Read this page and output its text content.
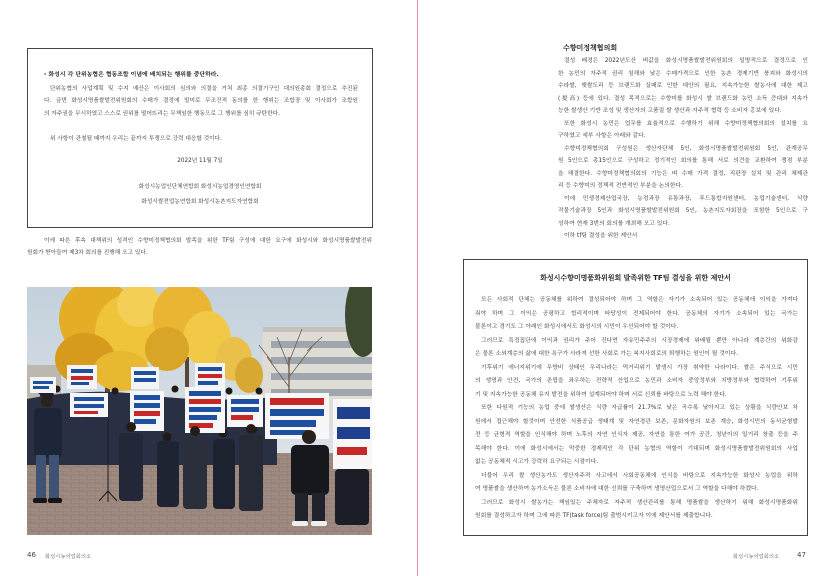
- 화성시 각 단위농협은 협동조합 이념에 배치되는 행위를 중단하라.
단위농협의 사업계획 및 수지 예산은 이사회의 심의와 의결을 거쳐 최종 의결기구인 대의원총회 결정으로 추진된
다. 금번 화성시명품쌀발전위원회의 수매가 결정에 빌미로 무조건적 동의를 한 행위는 조합장 및 이사회가 조합원
의 자주권을 무시하였고 스스로 권위를 떨어뜨리는 무책임한 행동으로 그 행위를 심히 규탄한다.
위 사항이 관철될 때까지 우리는 끝까지 투쟁으로 강력 대응할 것이다.
2022년 11월 7일
화성시농업인단체연합회 화성시농업경영인연합회
화성시쌀전업농연합회 화성시농촌지도자연합회
이에 따른 후속 대책위의 성격인 수향미정책협의회 발족을 위한 TF팀 구성에 대한 요구에 화성시와 화성시명품쌀발전위
원회가 받아들여 제3차 회의를 진행해 오고 있다.
46 화성시농어업회의소
수향미정책협의회
결성 배경은 2022년도산 벼값을 화성시명품쌀발전위원회의 일방적으로 결정으로 인
한 농민의 자주적 권리 침해와 낮은 수매가격으로 인한 농촌 경제기반 붕괴와 화성시의
수라쌀, 햇쌀도리 등 브랜드화 실패로 인한 대안의 필요, 지속가능한 쌀농사에 대한 제고
(提高) 등에 있다. 결성 목적으로는 수향미를 화성시 쌀 브랜드화 농민 소득 증대와 지속가
능한 쌀생산 기반 조성 및 생산자의 고품질 쌀 생산과 자주적 협력 등 소비자 홍보에 있다.
또한 화성시 농민은 업무를 효율적으로 수행하기 위해 수향미정책협의회의 설치를 요
구하였고 세부 사항은 아래와 같다.
수향미정책협의회 구성원은 생산자단체 5인, 화성시명품쌀발전위원회 5인, 관계공무
원 5인으로 총15인으로 구성하고 정기적인 회의를 통해 서로 의견을 교환하여 쟁점 부분
을 해결한다. 수향미정책협의회의 기능은 벼 수매 가격 결정, 직판장 설치 및 관리 체제관
리 등 수향미의 정책적 전반적인 부분을 논의한다.
이에 민생경제산업국장, 농정과장 유통과장, 푸드통합지원센터, 농업기술센터, 식량
작물기술과장 5인과 화성시명품쌀발전위원회 5인, 농촌지도자회장을 포함한 5인으로 구
성하여 현재 3번의 회의를 개최해 오고 있다.
이하 tf팀 결성을 위한 제안서
화성시수향미명품화위원회 발족위한 TF팀 결성을 위한 제안서
모든 사회적 단체는 공동체를 위하여 결성되어야 하며 그 역할은 자기가 소속되어 있는 공동체에 이익을 가져다
줘야 하며 그 이익은 공평하고 합리적이며 타당성이 전제되어야 한다. 공동체의 자기가 소속되어 있는 국가는
물론이고 경기도 그 아래인 화성시에서도 화성시의 시민이 우선되어야 할 것이다.
그러므로 특정집단에 이익과 권리가 주어 진다면 자유민주주의 시장경제에 위배될 뿐만 아니라 계층간의 위화감
은 물론 소외계층의 삶에 대한 욕구가 사라져 선한 사회로 가는 복지사회로의 퇴행하는 원인이 될 것이다.
기후위기 에너지위기에 무방비 상태인 우리나라는 먹거리위기 발생시 가장 취약한 나라이다. 쌀은 주식으로 시민
의 생명과 안전, 국가의 존립을 좌우하는 전략적 산업으로 농민과 소비자 중앙정부와 지방정부와 협력하여 기후위
기 및 지속가능한 공동체 유지 발전을 위하여 설계되어야 하며 서로 신뢰를 바탕으로 노력 해야 한다.
또한 다원적 기능의 농업 중에 쌀생산은 식량 자급률이 21.7%로 낮은 곡수록 낮아지고 있는 상황을 식량안보 차
원에서 접근해야 할것이며 안전한 식품공급 생태계 및 자연경관 보존, 문화자원의 보존 계승, 화성시민의 동서균형발
전 등 균형적 역할을 인식해야 하며 노후의 자연 인식자 제공, 자연을 통한 여가 공간, 청년이의 일거리 창출 등을 주
목해야 한다. 이에 화성시에서는 막중한 경제적인 각 단위 농협의 역할이 기대되며 화성시명품쌀발전위원회의 사업
없는 공동체적 시고가 강력히 요구되는 시점이다.
더불어 우리 쌀 생산농가도 생산자주적 사고에서 사회공동체에 인식을 바탕으로 지속가능한 화성시 농업을 위하
여 명품쌀을 생산하여 농가소득은 물론 소비자에 대한 신뢰를 구축하여 생명산업으로서 그 역할을 다해야 하겠다.
그러므로 화성시 쌀농가는 책임있는 주체자로 자주적 생산관리를 통해 명품쌀을 생산하기 위해 화성시명품화위
원회를 결성하고자 하며 그에 따른 TF(task force)팀 출범시키고자 이에 제안서를 제출합니다.
화성시농어업회의소	47
